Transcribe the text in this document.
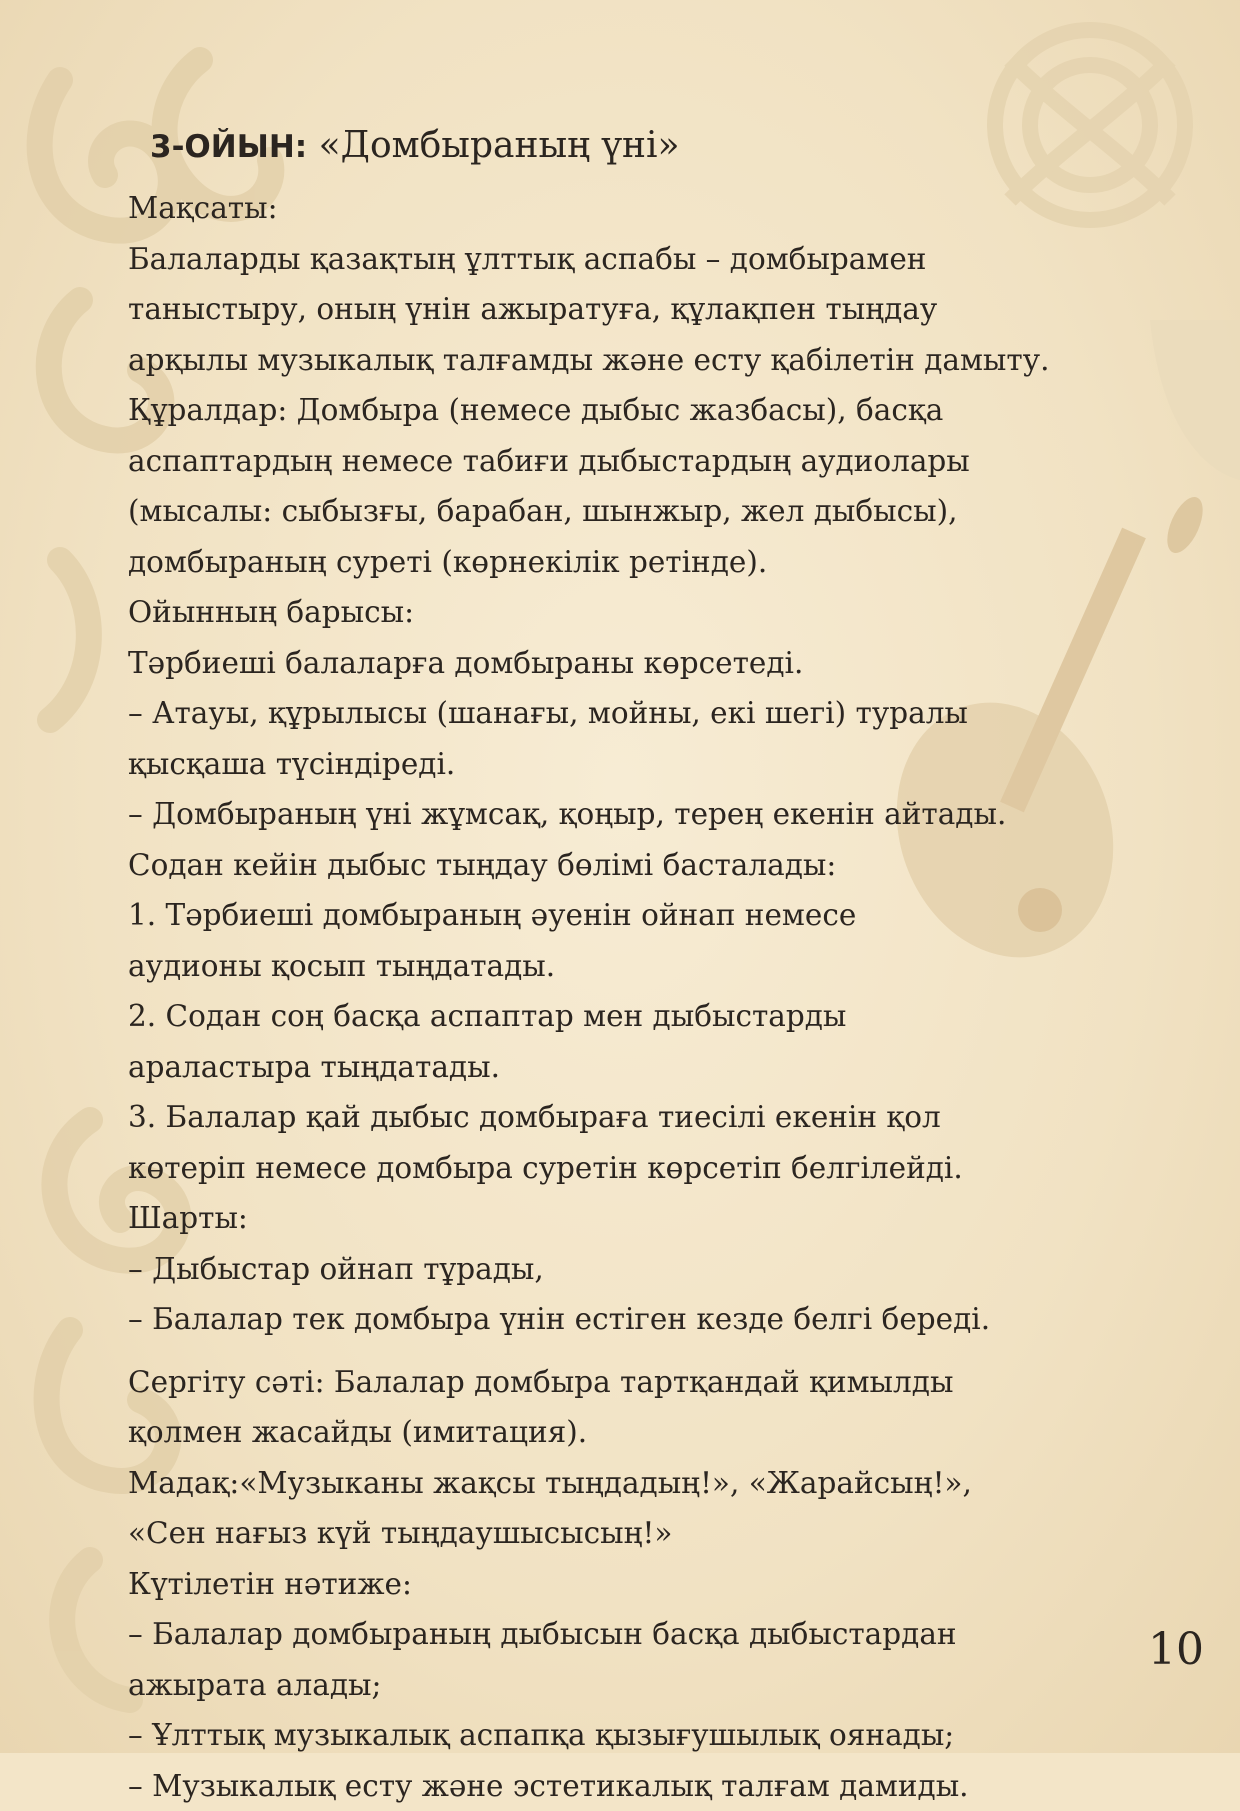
3-ОЙЫН: «Домбыраның үні»

Мақсаты:

Балаларды қазақтың ұлттық аспабы – домбырамен

таныстыру, оның үнін ажыратуға, құлақпен тыңдау

арқылы музыкалық талғамды және есту қабілетін дамыту.

Құралдар: Домбыра (немесе дыбыс жазбасы), басқа

аспаптардың немесе табиғи дыбыстардың аудиолары

(мысалы: сыбызғы, барабан, шынжыр, жел дыбысы),

домбыраның суреті (көрнекілік ретінде).

Ойынның барысы:

Тәрбиеші балаларға домбыраны көрсетеді.

– Атауы, құрылысы (шанағы, мойны, екі шегі) туралы

қысқаша түсіндіреді.

– Домбыраның үні жұмсақ, қоңыр, терең екенін айтады.

Содан кейін дыбыс тыңдау бөлімі басталады:

1. Тәрбиеші домбыраның әуенін ойнап немесе

аудионы қосып тыңдатады.

2. Содан соң басқа аспаптар мен дыбыстарды

араластыра тыңдатады.

3. Балалар қай дыбыс домбыраға тиесілі екенін қол

көтеріп немесе домбыра суретін көрсетіп белгілейді.

Шарты:

– Дыбыстар ойнап тұрады,

– Балалар тек домбыра үнін естіген кезде белгі береді.

Сергіту сәті: Балалар домбыра тартқандай қимылды

қолмен жасайды (имитация).

Мадақ:«Музыканы жақсы тыңдадың!», «Жарайсың!»,

«Сен нағыз күй тыңдаушысысың!»

Күтілетін нәтиже:

– Балалар домбыраның дыбысын басқа дыбыстардан

ажырата алады;

– Ұлттық музыкалық аспапқа қызығушылық оянады;

– Музыкалық есту және эстетикалық талғам дамиды.

10
